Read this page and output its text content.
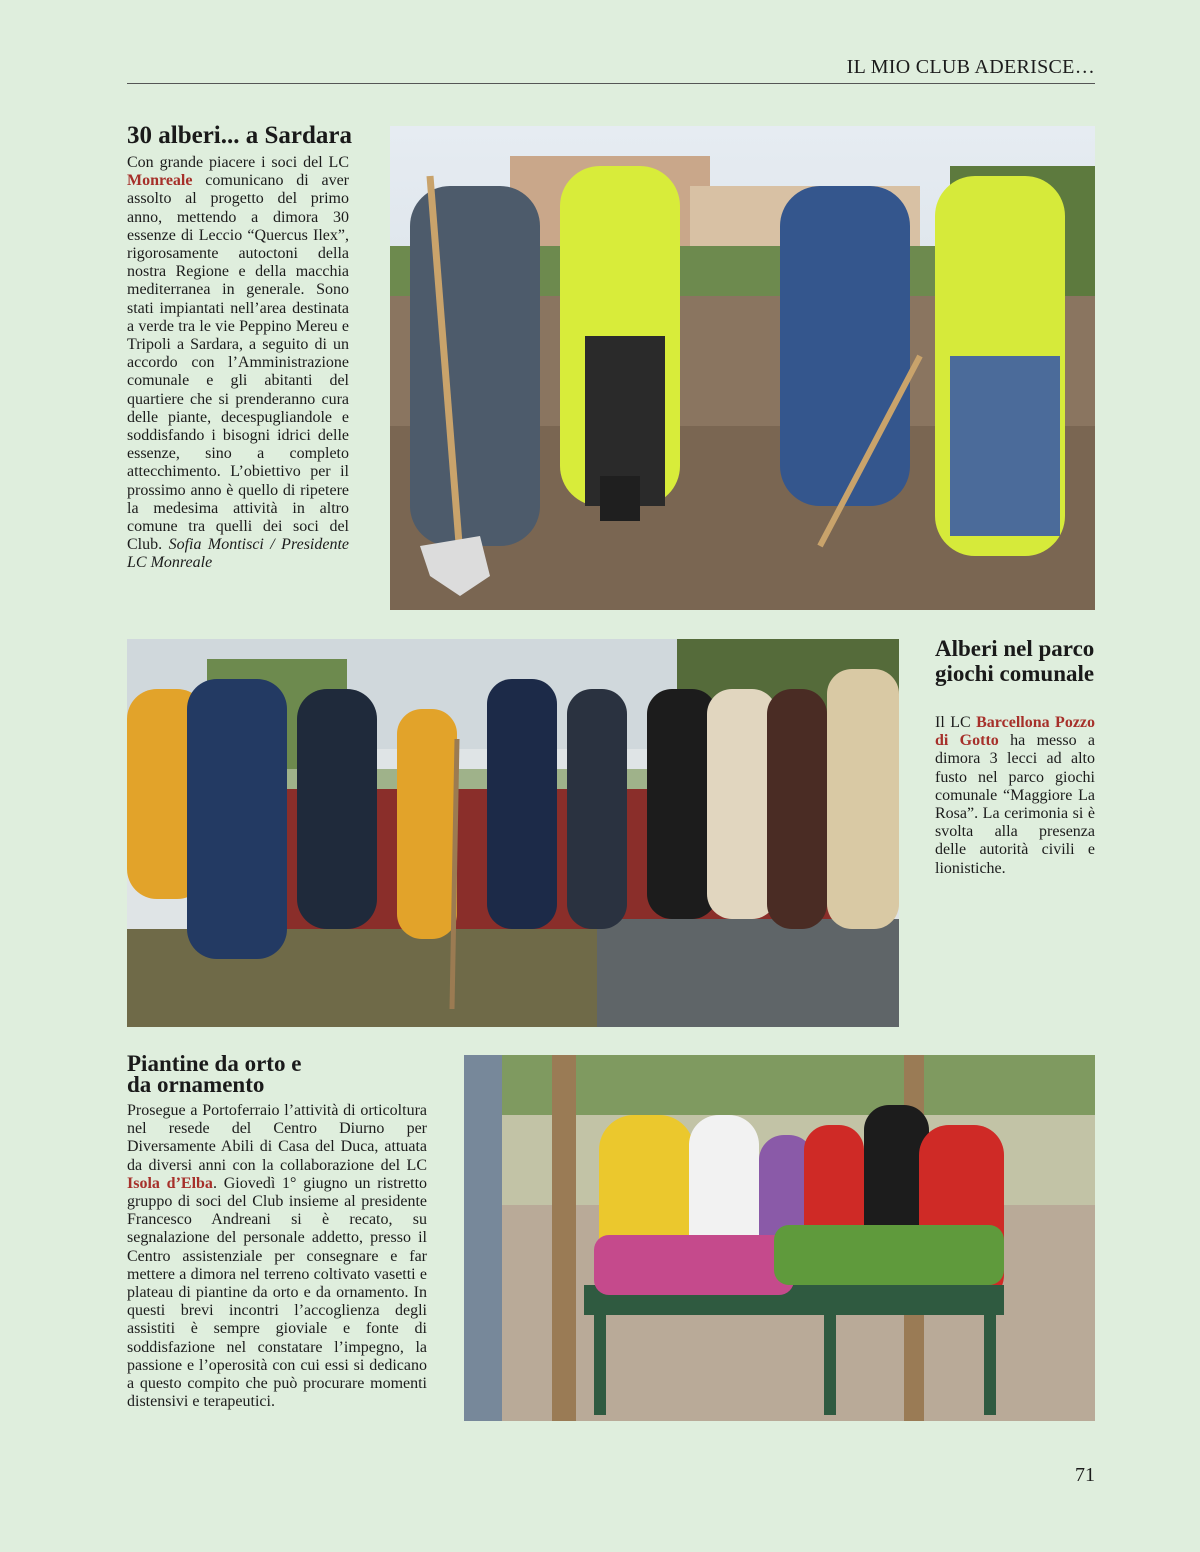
IL MIO CLUB ADERISCE…
30 alberi... a Sardara

Con grande piacere i soci del LC Monreale comunicano di aver assolto al progetto del primo anno, mettendo a dimora 30 essenze di Leccio “Quercus Ilex”, rigorosamente autoctoni della nostra Regione e della macchia mediterranea in generale. Sono stati impiantati nell’area destinata a verde tra le vie Peppino Mereu e Tripoli a Sardara, a seguito di un accordo con l’Amministrazione comunale e gli abitanti del quartiere che si prenderanno cura delle piante, decespugliandole e soddisfando i bisogni idrici delle essenze, sino a completo attecchimento. L’obiettivo per il prossimo anno è quello di ripetere la medesima attività in altro comune tra quelli dei soci del Club. Sofia Montisci / Presidente LC Monreale

Alberi nel parco giochi comunale

Il LC Barcellona Pozzo di Gotto ha messo a dimora 3 lecci ad alto fusto nel parco giochi comunale “Maggiore La Rosa”. La cerimonia si è svolta alla presenza delle autorità civili e lionistiche.

Piantine da orto e da ornamento

Prosegue a Portoferraio l’attività di orticoltura nel resede del Centro Diurno per Diversamente Abili di Casa del Duca, attuata da diversi anni con la collaborazione del LC Isola d’Elba. Giovedì 1° giugno un ristretto gruppo di soci del Club insieme al presidente Francesco Andreani si è recato, su segnalazione del personale addetto, presso il Centro assistenziale per consegnare e far mettere a dimora nel terreno coltivato vasetti e plateau di piantine da orto e da ornamento. In questi brevi incontri l’accoglienza degli assistiti è sempre gioviale e fonte di soddisfazione nel constatare l’impegno, la passione e l’operosità con cui essi si dedicano a questo compito che può procurare momenti distensivi e terapeutici.

71
